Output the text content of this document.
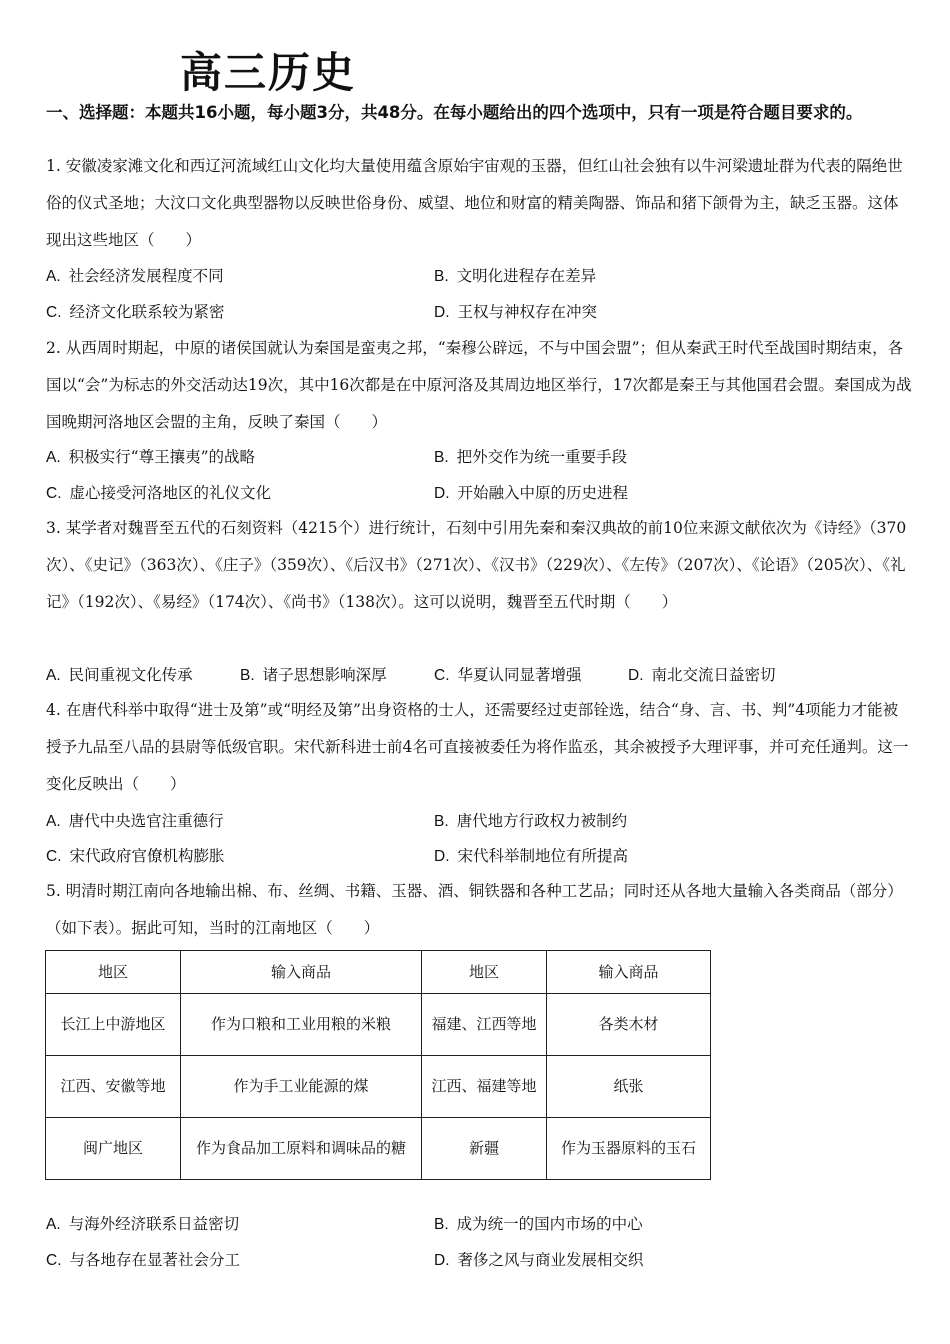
高三历史
一、选择题：本题共16小题，每小题3分，共48分。在每小题给出的四个选项中，只有一项是符合题目要求的。
1. 安徽凌家滩文化和西辽河流域红山文化均大量使用蕴含原始宇宙观的玉器，但红山社会独有以牛河梁遗址群为代表的隔绝世俗的仪式圣地；大汶口文化典型器物以反映世俗身份、威望、地位和财富的精美陶器、饰品和猪下颌骨为主，缺乏玉器。这体现出这些地区（　　）
A. 社会经济发展程度不同	B. 文明化进程存在差异
C. 经济文化联系较为紧密	D. 王权与神权存在冲突
2. 从西周时期起，中原的诸侯国就认为秦国是蛮夷之邦，“秦穆公辟远，不与中国会盟”；但从秦武王时代至战国时期结束，各国以“会”为标志的外交活动达19次，其中16次都是在中原河洛及其周边地区举行，17次都是秦王与其他国君会盟。秦国成为战国晚期河洛地区会盟的主角，反映了秦国（　　）
A. 积极实行“尊王攘夷”的战略	B. 把外交作为统一重要手段
C. 虚心接受河洛地区的礼仪文化	D. 开始融入中原的历史进程
3. 某学者对魏晋至五代的石刻资料（4215个）进行统计，石刻中引用先秦和秦汉典故的前10位来源文献依次为《诗经》（370次）、《史记》（363次）、《庄子》（359次）、《后汉书》（271次）、《汉书》（229次）、《左传》（207次）、《论语》（205次）、《礼记》（192次）、《易经》（174次）、《尚书》（138次）。这可以说明，魏晋至五代时期（　　）
A. 民间重视文化传承	B. 诸子思想影响深厚	C. 华夏认同显著增强	D. 南北交流日益密切
4. 在唐代科举中取得“进士及第”或“明经及第”出身资格的士人，还需要经过吏部铨选，结合“身、言、书、判”4项能力才能被授予九品至八品的县尉等低级官职。宋代新科进士前4名可直接被委任为将作监丞，其余被授予大理评事，并可充任通判。这一变化反映出（　　）
A. 唐代中央选官注重德行	B. 唐代地方行政权力被制约
C. 宋代政府官僚机构膨胀	D. 宋代科举制地位有所提高
5. 明清时期江南向各地输出棉、布、丝绸、书籍、玉器、酒、铜铁器和各种工艺品；同时还从各地大量输入各类商品（部分）（如下表）。据此可知，当时的江南地区（　　）
地区	输入商品	地区	输入商品
长江上中游地区	作为口粮和工业用粮的米粮	福建、江西等地	各类木材
江西、安徽等地	作为手工业能源的煤	江西、福建等地	纸张
闽广地区	作为食品加工原料和调味品的糖	新疆	作为玉器原料的玉石
A. 与海外经济联系日益密切	B. 成为统一的国内市场的中心
C. 与各地存在显著社会分工	D. 奢侈之风与商业发展相交织
